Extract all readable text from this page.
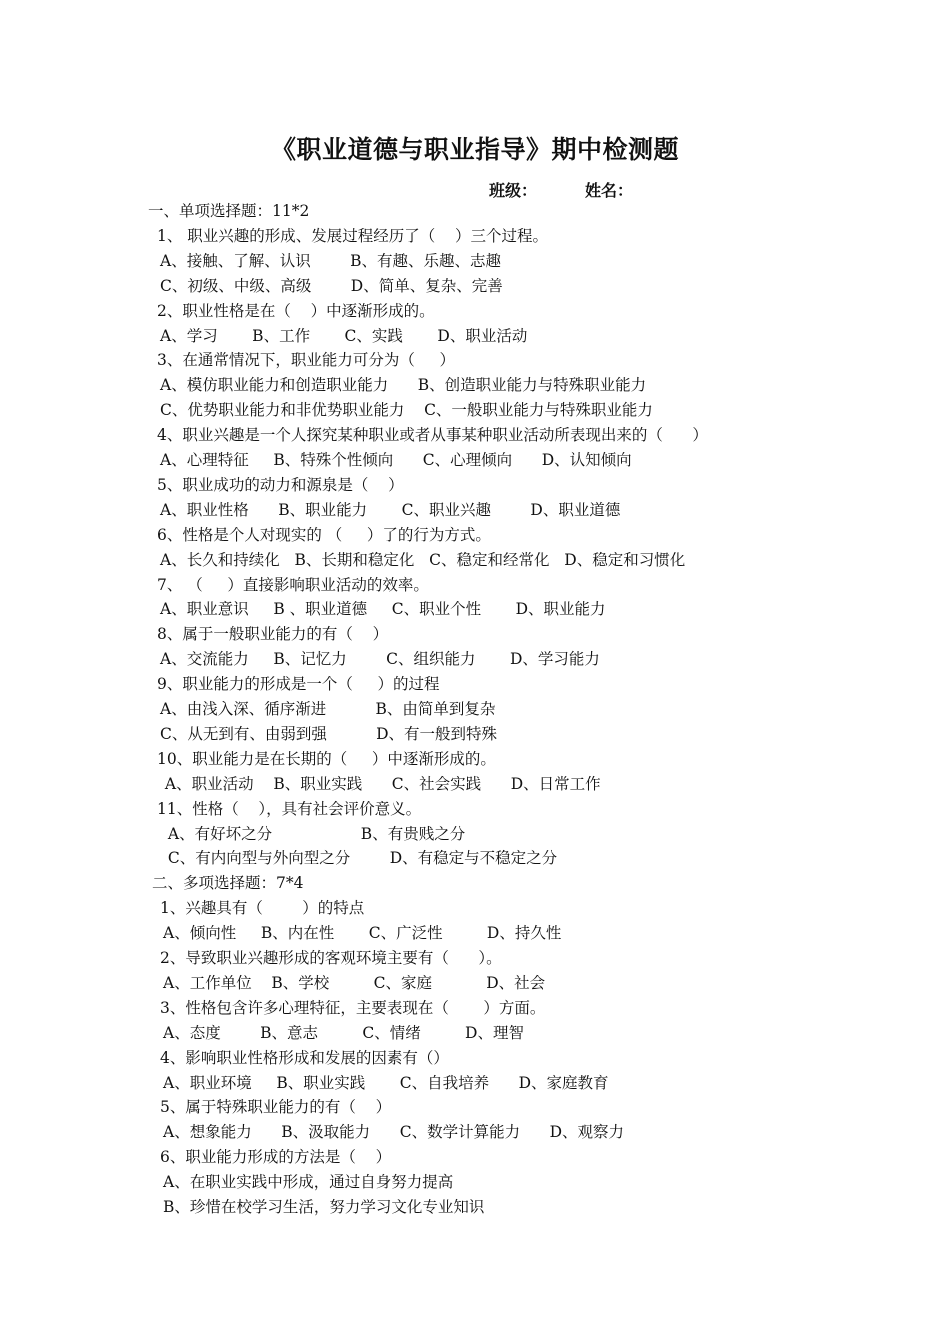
《职业道德与职业指导》期中检测题
班级：	姓名：
一、单项选择题：11*2
1、 职业兴趣的形成、发展过程经历了（    ）三个过程。
A、接触、了解、认识        B、有趣、乐趣、志趣
C、初级、中级、高级        D、简单、复杂、完善
2、职业性格是在（    ）中逐渐形成的。
A、学习       B、工作       C、实践       D、职业活动
3、在通常情况下，职业能力可分为（     ）
A、模仿职业能力和创造职业能力      B、创造职业能力与特殊职业能力
C、优势职业能力和非优势职业能力    C、一般职业能力与特殊职业能力
4、职业兴趣是一个人探究某种职业或者从事某种职业活动所表现出来的（      ）
A、心理特征     B、特殊个性倾向      C、心理倾向      D、认知倾向
5、职业成功的动力和源泉是（    ）
A、职业性格      B、职业能力       C、职业兴趣        D、职业道德
6、性格是个人对现实的 （     ）了的行为方式。
A、长久和持续化   B、长期和稳定化   C、稳定和经常化   D、稳定和习惯化
7、 （     ）直接影响职业活动的效率。
A、职业意识     B 、职业道德     C、职业个性       D、职业能力
8、属于一般职业能力的有（    ）
A、交流能力     B、记忆力        C、组织能力       D、学习能力
9、职业能力的形成是一个（     ）的过程
A、由浅入深、循序渐进          B、由简单到复杂
C、从无到有、由弱到强          D、有一般到特殊
10、职业能力是在长期的（     ）中逐渐形成的。
A、职业活动    B、职业实践      C、社会实践      D、日常工作
11、性格（    ），具有社会评价意义。
A、有好坏之分                  B、有贵贱之分
C、有内向型与外向型之分        D、有稳定与不稳定之分
二、多项选择题：7*4
1、兴趣具有（        ）的特点
A、倾向性     B、内在性       C、广泛性         D、持久性
2、导致职业兴趣形成的客观环境主要有（      ）。
A、工作单位    B、学校         C、家庭           D、社会
3、性格包含许多心理特征，主要表现在（       ）方面。
A、态度        B、意志         C、情绪         D、理智
4、影响职业性格形成和发展的因素有（）
A、职业环境     B、职业实践       C、自我培养      D、家庭教育
5、属于特殊职业能力的有（    ）
A、想象能力      B、汲取能力      C、数学计算能力      D、观察力
6、职业能力形成的方法是（    ）
A、在职业实践中形成，通过自身努力提高
B、珍惜在校学习生活，努力学习文化专业知识
